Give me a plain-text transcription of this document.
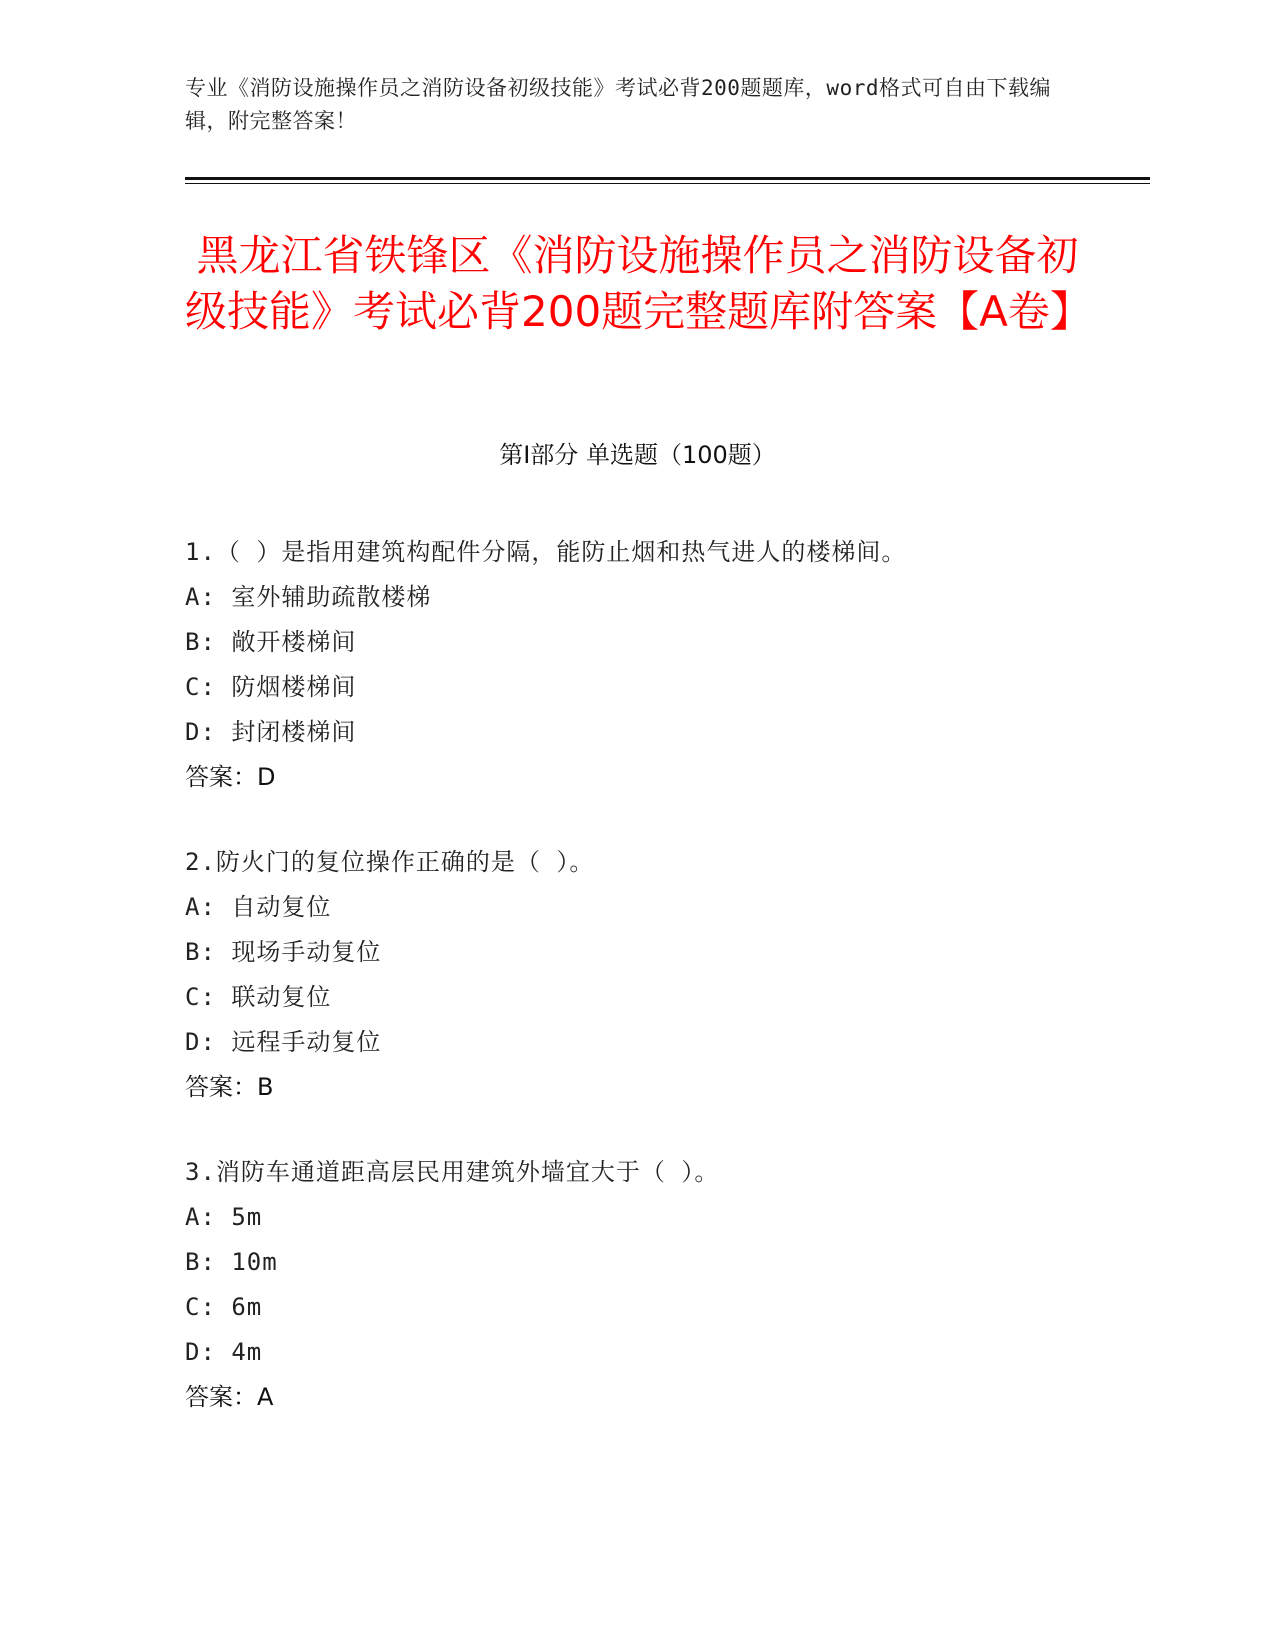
专业《消防设施操作员之消防设备初级技能》考试必背200题题库，word格式可自由下载编辑，附完整答案！
黑龙江省铁锋区《消防设施操作员之消防设备初级技能》考试必背200题完整题库附答案【A卷】
第Ⅰ部分 单选题（100题）
1.（ ）是指用建筑构配件分隔，能防止烟和热气进人的楼梯间。
A: 室外辅助疏散楼梯
B: 敞开楼梯间
C: 防烟楼梯间
D: 封闭楼梯间
答案：D
2.防火门的复位操作正确的是（ ）。
A: 自动复位
B: 现场手动复位
C: 联动复位
D: 远程手动复位
答案：B
3.消防车通道距高层民用建筑外墙宜大于（ ）。
A: 5m
B: 10m
C: 6m
D: 4m
答案：A
